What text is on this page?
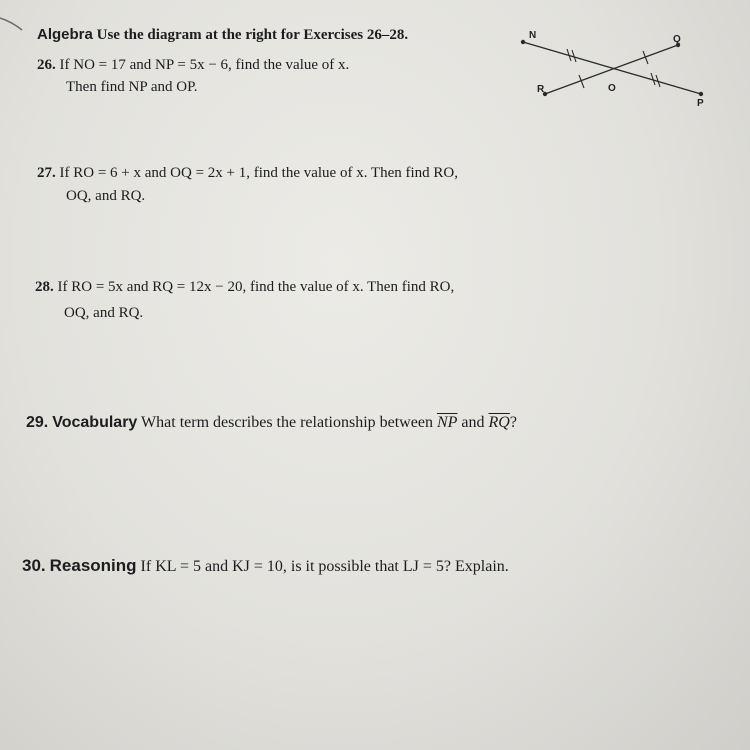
Algebra Use the diagram at the right for Exercises 26–28.
26. If NO = 17 and NP = 5x − 6, find the value of x.
Then find NP and OP.
27. If RO = 6 + x and OQ = 2x + 1, find the value of x. Then find RO,
OQ, and RQ.
28. If RO = 5x and RQ = 12x − 20, find the value of x. Then find RO,
OQ, and RQ.
29. Vocabulary What term describes the relationship between $\overline{NP}$ and $\overline{RQ}$?
30. Reasoning If KL = 5 and KJ = 10, is it possible that LJ = 5? Explain.
N	Q
O
R
P
